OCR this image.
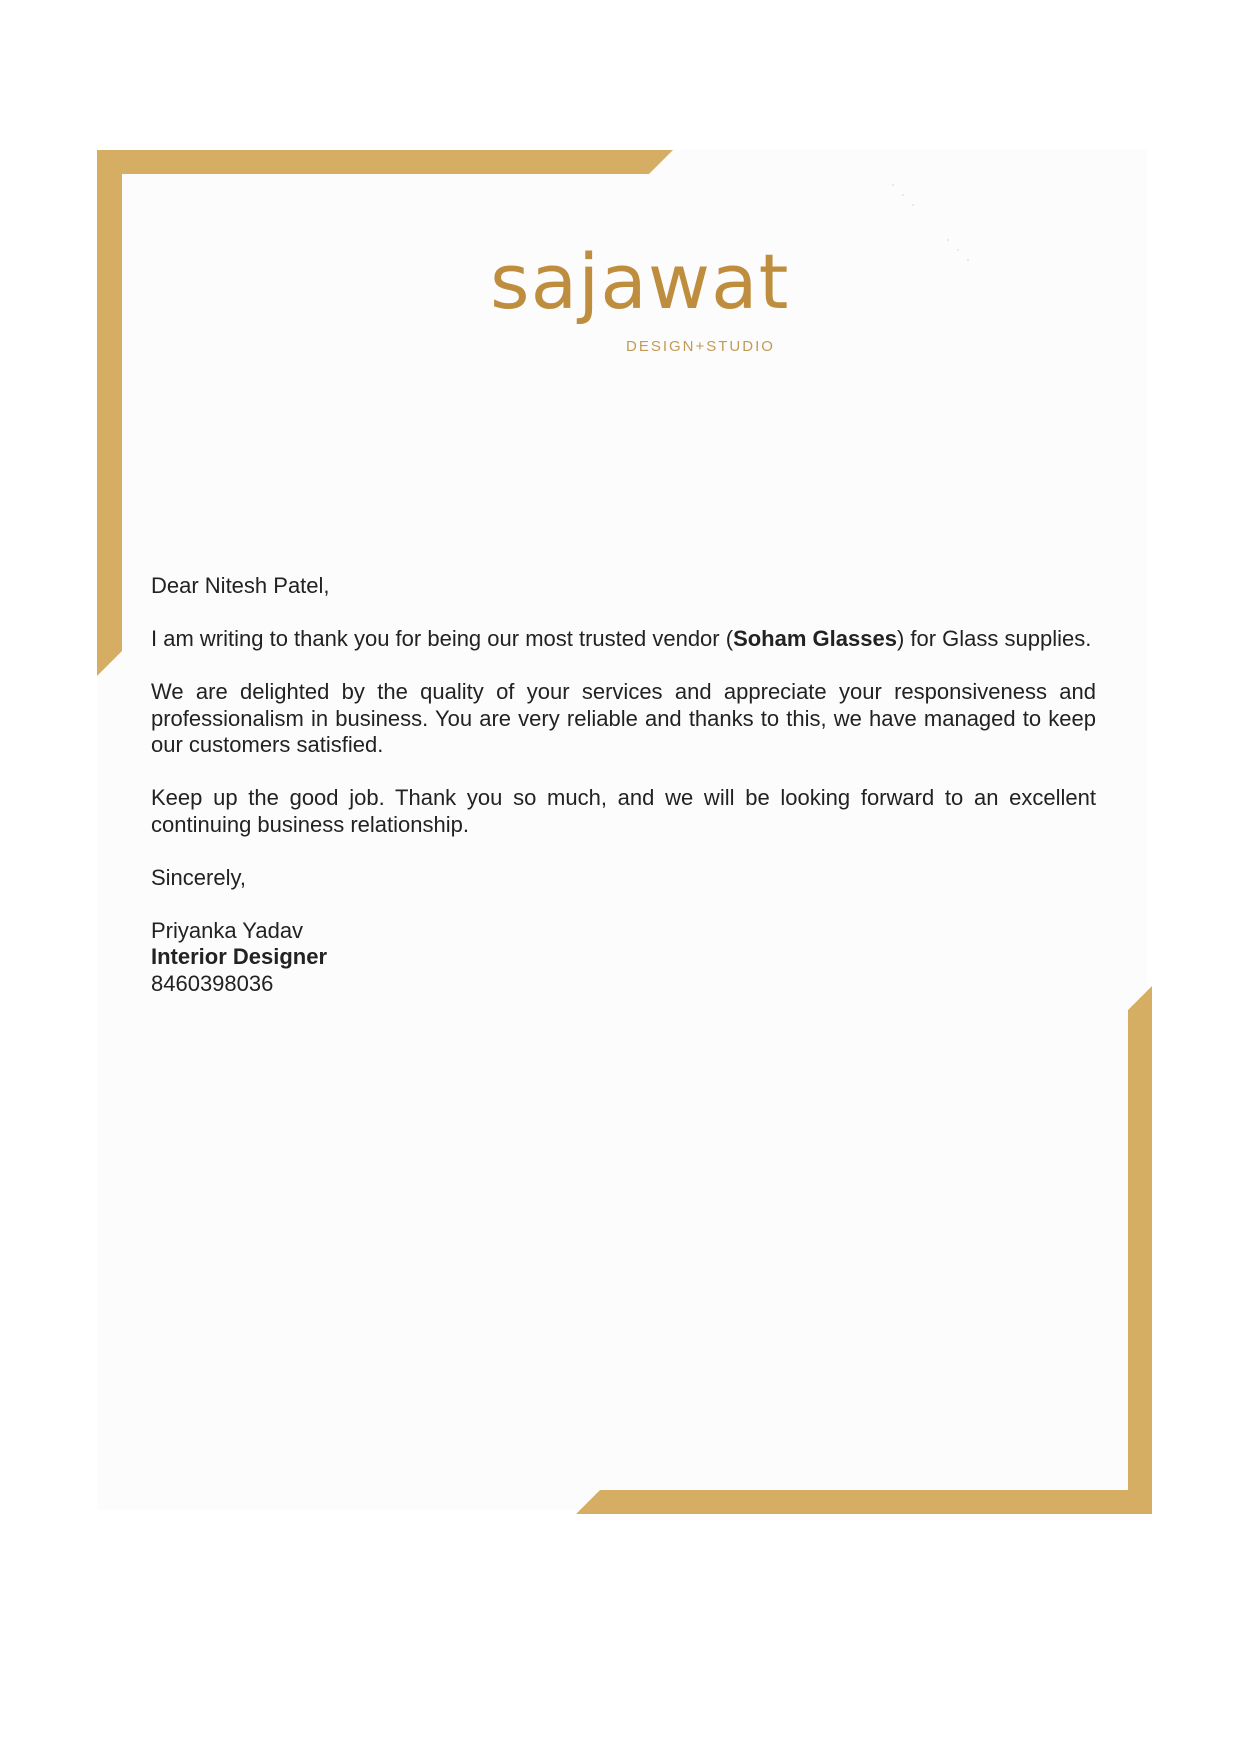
sajawat
DESIGN+STUDIO

Dear Nitesh Patel,

I am writing to thank you for being our most trusted vendor (Soham Glasses) for Glass supplies.

We are delighted by the quality of your services and appreciate your responsiveness and professionalism in business. You are very reliable and thanks to this, we have managed to keep our customers satisfied.

Keep up the good job. Thank you so much, and we will be looking forward to an excellent continuing business relationship.

Sincerely,

Priyanka Yadav
Interior Designer
8460398036
